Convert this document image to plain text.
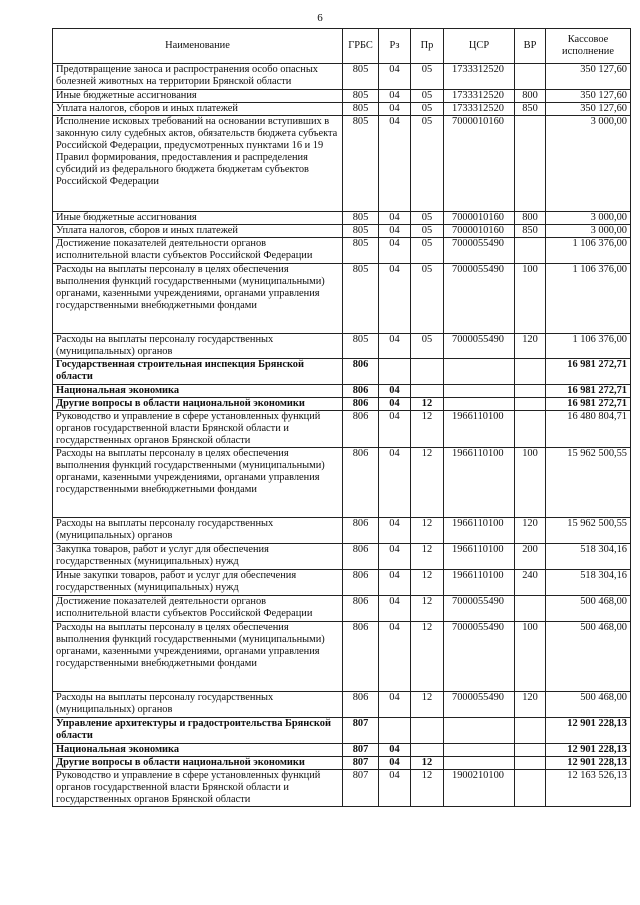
6
Наименование	ГРБС	Рз	Пр	ЦСР	ВР	Кассовое исполнение
Предотвращение заноса и распространения особо опасных болезней животных на территории Брянской области	805	04	05	1733312520		350 127,60
Иные бюджетные ассигнования	805	04	05	1733312520	800	350 127,60
Уплата налогов, сборов и иных платежей	805	04	05	1733312520	850	350 127,60
Исполнение исковых требований на основании вступивших в законную силу судебных актов, обязательств бюджета субъекта Российской Федерации, предусмотренных пунктами 16 и 19 Правил формирования, предоставления и распределения субсидий из федерального бюджета бюджетам субъектов Российской Федерации	805	04	05	7000010160		3 000,00
Иные бюджетные ассигнования	805	04	05	7000010160	800	3 000,00
Уплата налогов, сборов и иных платежей	805	04	05	7000010160	850	3 000,00
Достижение показателей деятельности органов исполнительной власти субъектов Российской Федерации	805	04	05	7000055490		1 106 376,00
Расходы на выплаты персоналу в целях обеспечения выполнения функций государственными (муниципальными) органами, казенными учреждениями, органами управления государственными внебюджетными фондами	805	04	05	7000055490	100	1 106 376,00
Расходы на выплаты персоналу государственных (муниципальных) органов	805	04	05	7000055490	120	1 106 376,00
Государственная строительная инспекция Брянской области	806					16 981 272,71
Национальная экономика	806	04				16 981 272,71
Другие вопросы в области национальной экономики	806	04	12			16 981 272,71
Руководство и управление в сфере установленных функций органов государственной власти Брянской области и государственных органов Брянской области	806	04	12	1966110100		16 480 804,71
Расходы на выплаты персоналу в целях обеспечения выполнения функций государственными (муниципальными) органами, казенными учреждениями, органами управления государственными внебюджетными фондами	806	04	12	1966110100	100	15 962 500,55
Расходы на выплаты персоналу государственных (муниципальных) органов	806	04	12	1966110100	120	15 962 500,55
Закупка товаров, работ и услуг для обеспечения государственных (муниципальных) нужд	806	04	12	1966110100	200	518 304,16
Иные закупки товаров, работ и услуг для обеспечения государственных (муниципальных) нужд	806	04	12	1966110100	240	518 304,16
Достижение показателей деятельности органов исполнительной власти субъектов Российской Федерации	806	04	12	7000055490		500 468,00
Расходы на выплаты персоналу в целях обеспечения выполнения функций государственными (муниципальными) органами, казенными учреждениями, органами управления государственными внебюджетными фондами	806	04	12	7000055490	100	500 468,00
Расходы на выплаты персоналу государственных (муниципальных) органов	806	04	12	7000055490	120	500 468,00
Управление архитектуры и градостроительства Брянской области	807					12 901 228,13
Национальная экономика	807	04				12 901 228,13
Другие вопросы в области национальной экономики	807	04	12			12 901 228,13
Руководство и управление в сфере установленных функций органов государственной власти Брянской области и государственных органов Брянской области	807	04	12	1900210100		12 163 526,13
